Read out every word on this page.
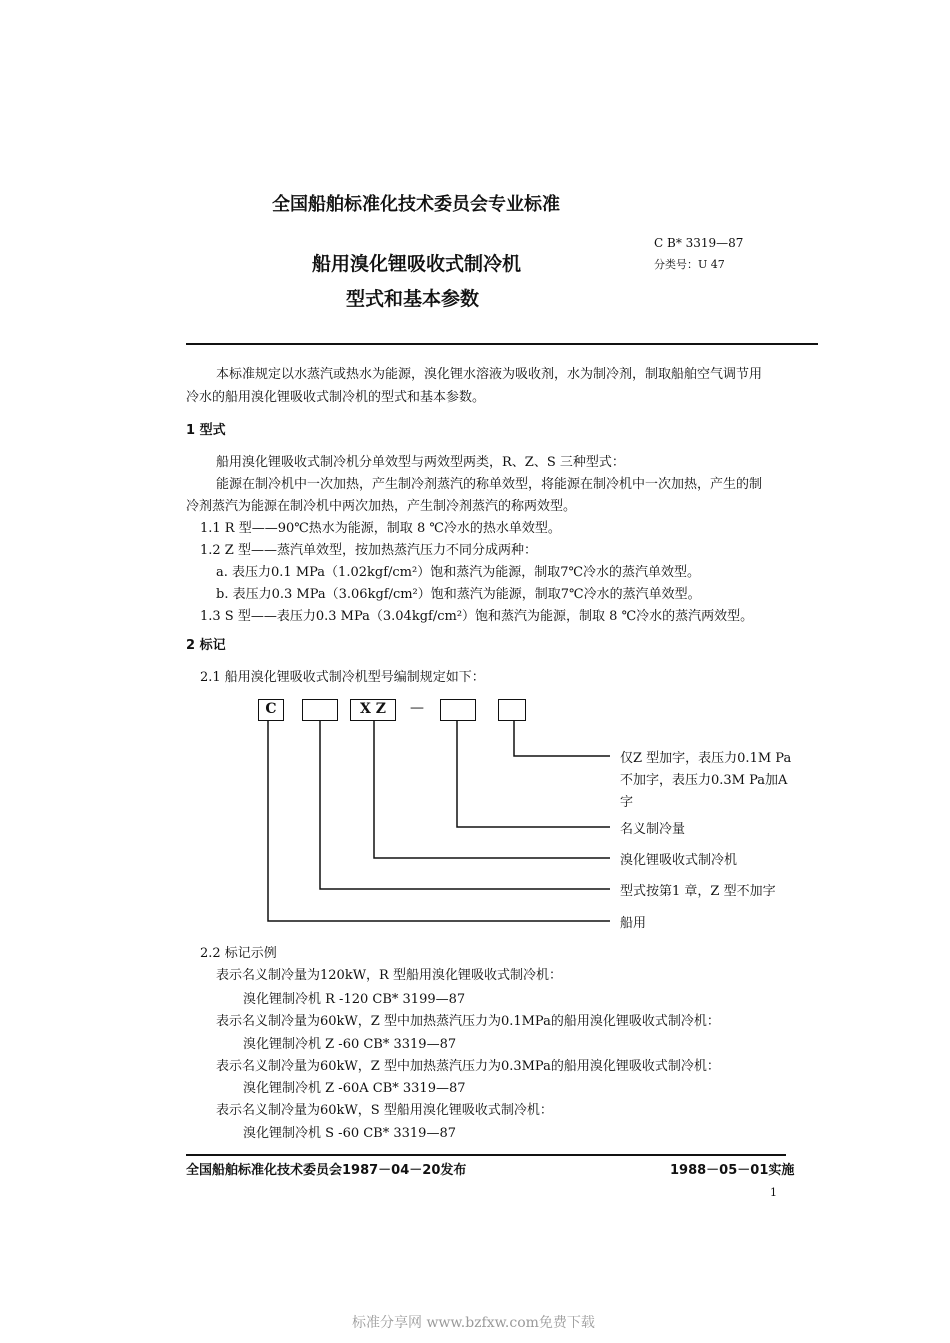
全国船舶标准化技术委员会专业标准
船用溴化锂吸收式制冷机
型式和基本参数
C B* 3319—87
分类号：U 47
本标准规定以水蒸汽或热水为能源，溴化锂水溶液为吸收剂，水为制冷剂，制取船舶空气调节用
冷水的船用溴化锂吸收式制冷机的型式和基本参数。
1 型式
船用溴化锂吸收式制冷机分单效型与两效型两类，R、Z、S 三种型式：
能源在制冷机中一次加热，产生制冷剂蒸汽的称单效型，将能源在制冷机中一次加热，产生的制
冷剂蒸汽为能源在制冷机中两次加热，产生制冷剂蒸汽的称两效型。
1.1 R 型——90℃热水为能源，制取 8 ℃冷水的热水单效型。
1.2 Z 型——蒸汽单效型，按加热蒸汽压力不同分成两种：
a. 表压力0.1 MPa（1.02kgf/cm²）饱和蒸汽为能源，制取7℃冷水的蒸汽单效型。
b. 表压力0.3 MPa（3.06kgf/cm²）饱和蒸汽为能源，制取7℃冷水的蒸汽单效型。
1.3 S 型——表压力0.3 MPa（3.04kgf/cm²）饱和蒸汽为能源，制取 8 ℃冷水的蒸汽两效型。
2 标记
2.1 船用溴化锂吸收式制冷机型号编制规定如下：
C	X Z	—
仅Z 型加字，表压力0.1M Pa
不加字，表压力0.3M Pa加A
字
名义制冷量
溴化锂吸收式制冷机
型式按第1 章，Z 型不加字
船用
2.2 标记示例
表示名义制冷量为120kW，R 型船用溴化锂吸收式制冷机：
溴化锂制冷机 R -120 CB* 3199—87
表示名义制冷量为60kW，Z 型中加热蒸汽压力为0.1MPa的船用溴化锂吸收式制冷机：
溴化锂制冷机 Z -60 CB* 3319—87
表示名义制冷量为60kW，Z 型中加热蒸汽压力为0.3MPa的船用溴化锂吸收式制冷机：
溴化锂制冷机 Z -60A CB* 3319—87
表示名义制冷量为60kW，S 型船用溴化锂吸收式制冷机：
溴化锂制冷机 S -60 CB* 3319—87
全国船舶标准化技术委员会1987－04－20发布	1988－05－01实施
1
标准分享网 www.bzfxw.com免费下载
